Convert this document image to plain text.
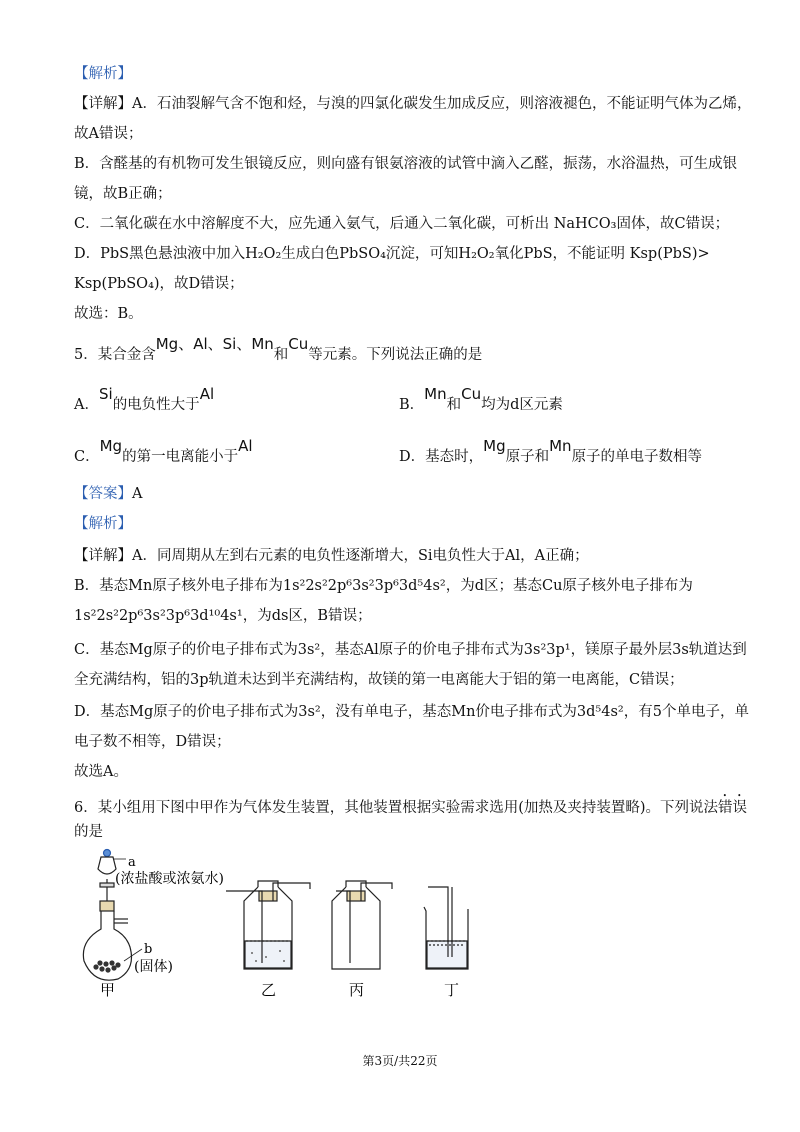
【解析】
【详解】A．石油裂解气含不饱和烃，与溴的四氯化碳发生加成反应，则溶液褪色，不能证明气体为乙烯，
故A错误；
B．含醛基的有机物可发生银镜反应，则向盛有银氨溶液的试管中滴入乙醛，振荡，水浴温热，可生成银
镜，故B正确；
C．二氧化碳在水中溶解度不大，应先通入氨气，后通入二氧化碳，可析出 NaHCO₃固体，故C错误；
D．PbS黑色悬浊液中加入H₂O₂生成白色PbSO₄沉淀，可知H₂O₂氧化PbS，不能证明 Ksp(PbS)>
Ksp(PbSO₄)，故D错误；
故选：B。
5．某合金含Mg、Al、Si、Mn和Cu等元素。下列说法正确的是
A．Si的电负性大于Al
B．Mn和Cu均为d区元素
C．Mg的第一电离能小于Al
D．基态时，Mg原子和Mn原子的单电子数相等
【答案】A
【解析】
【详解】A．同周期从左到右元素的电负性逐渐增大，Si电负性大于Al，A正确；
B．基态Mn原子核外电子排布为1s²2s²2p⁶3s²3p⁶3d⁵4s²，为d区；基态Cu原子核外电子排布为
1s²2s²2p⁶3s²3p⁶3d¹⁰4s¹，为ds区，B错误；
C．基态Mg原子的价电子排布式为3s²，基态Al原子的价电子排布式为3s²3p¹，镁原子最外层3s轨道达到
全充满结构，铝的3p轨道未达到半充满结构，故镁的第一电离能大于铝的第一电离能，C错误；
D．基态Mg原子的价电子排布式为3s²，没有单电子，基态Mn价电子排布式为3d⁵4s²，有5个单电子，单
电子数不相等，D错误；
故选A。
6．某小组用下图中甲作为气体发生装置，其他装置根据实验需求选用(加热及夹持装置略)。下列说法错误
的是
a
(浓盐酸或浓氨水)
b
(固体)
甲	乙	丙	丁
第3页/共22页
